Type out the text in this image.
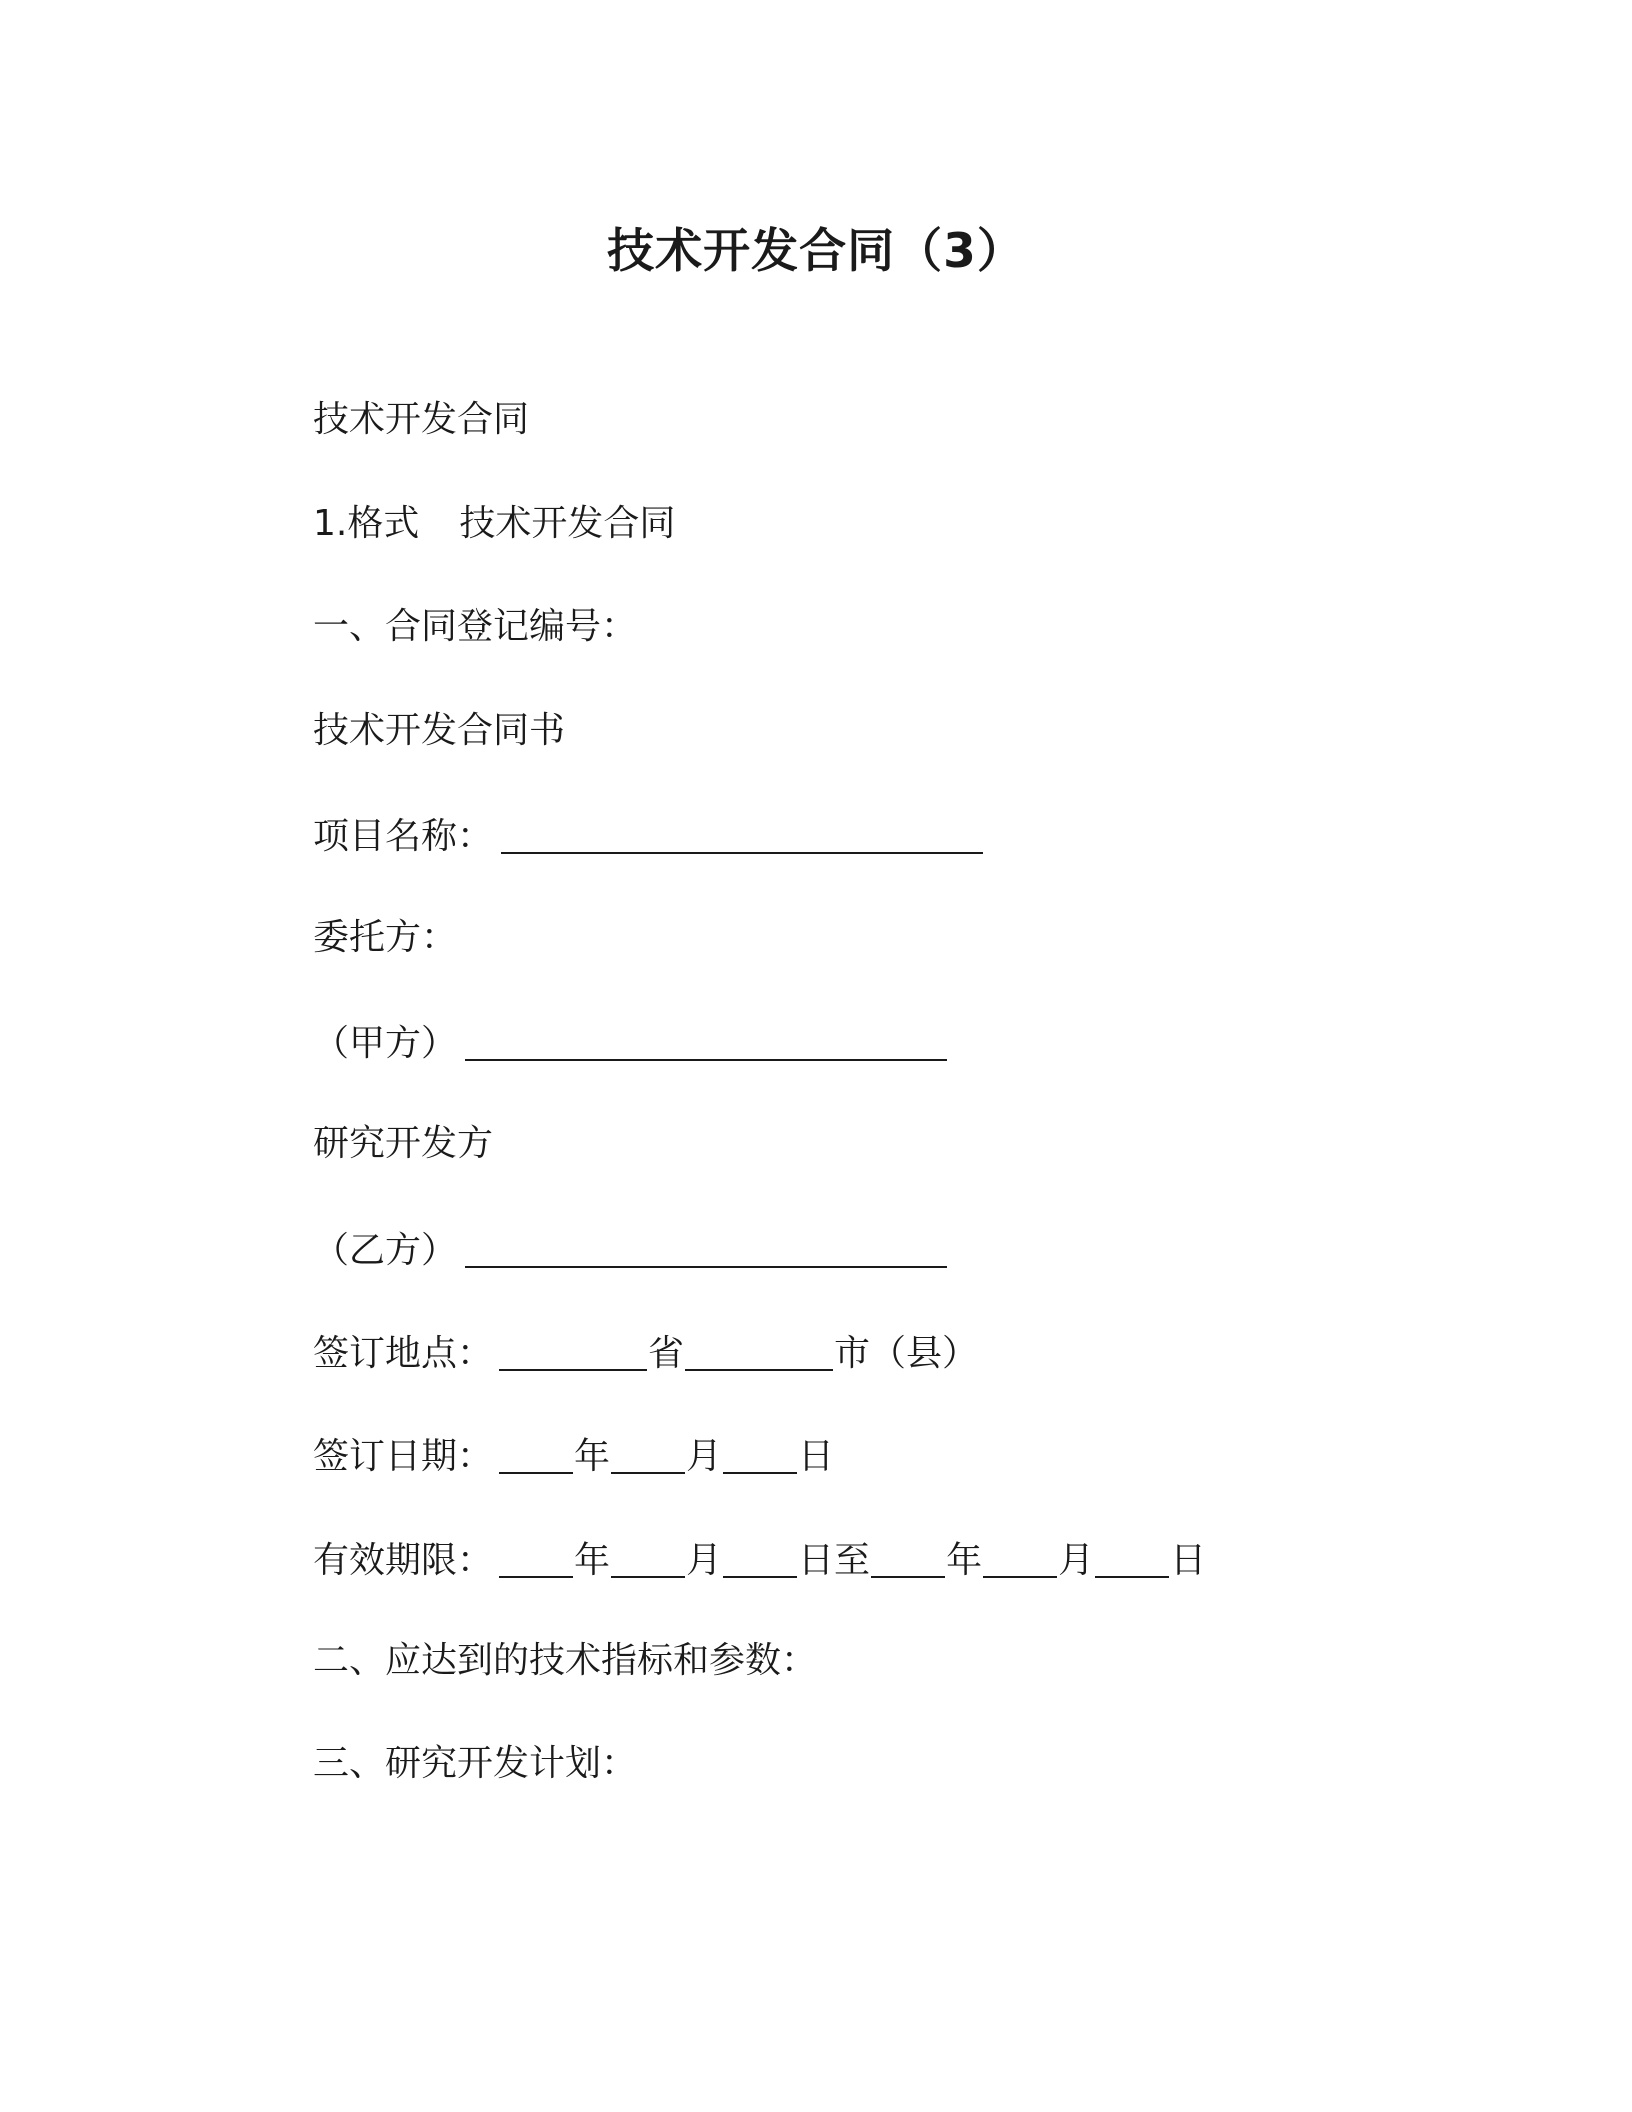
技术开发合同（3）
技术开发合同
1.格式 技术开发合同
一、合同登记编号：
技术开发合同书
项目名称：
委托方：
（甲方）
研究开发方
（乙方）
签订地点：	省	市（县）
签订日期： 年 月 日
有效期限： 年 月 日至 年 月 日
二、应达到的技术指标和参数：
三、研究开发计划：
